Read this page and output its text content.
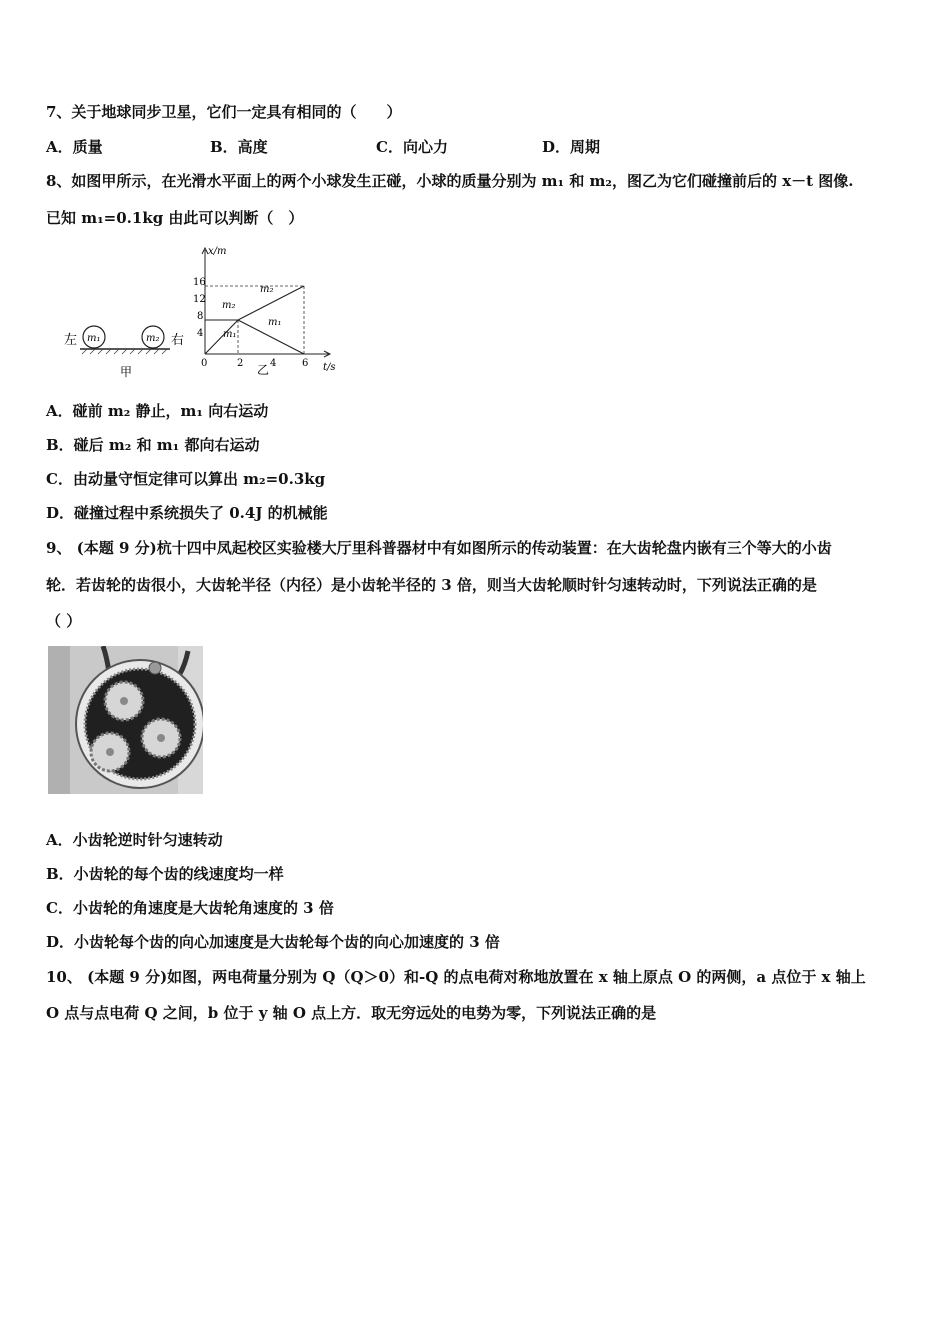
7、关于地球同步卫星，它们一定具有相同的（　　）
A．质量	B．高度	C．向心力	D．周期
8、如图甲所示，在光滑水平面上的两个小球发生正碰，小球的质量分别为 m₁ 和 m₂，图乙为它们碰撞前后的 x－t 图像.
已知 m₁=0.1kg 由此可以判断（　）
左 m₁	m₂ 右
甲
x/m
t/s
16
12
8
4
0	2	4	6
m₂
m₂
m₁
m₁
乙
A．碰前 m₂ 静止，m₁ 向右运动
B．碰后 m₂ 和 m₁ 都向右运动
C．由动量守恒定律可以算出 m₂=0.3kg
D．碰撞过程中系统损失了 0.4J 的机械能
9、 (本题 9 分)杭十四中凤起校区实验楼大厅里科普器材中有如图所示的传动装置：在大齿轮盘内嵌有三个等大的小齿
轮．若齿轮的齿很小，大齿轮半径（内径）是小齿轮半径的 3 倍，则当大齿轮顺时针匀速转动时，下列说法正确的是
（ ）
A．小齿轮逆时针匀速转动
B．小齿轮的每个齿的线速度均一样
C．小齿轮的角速度是大齿轮角速度的 3 倍
D．小齿轮每个齿的向心加速度是大齿轮每个齿的向心加速度的 3 倍
10、 (本题 9 分)如图，两电荷量分别为 Q（Q＞0）和-Q 的点电荷对称地放置在 x 轴上原点 O 的两侧，a 点位于 x 轴上
O 点与点电荷 Q 之间，b 位于 y 轴 O 点上方．取无穷远处的电势为零，下列说法正确的是
